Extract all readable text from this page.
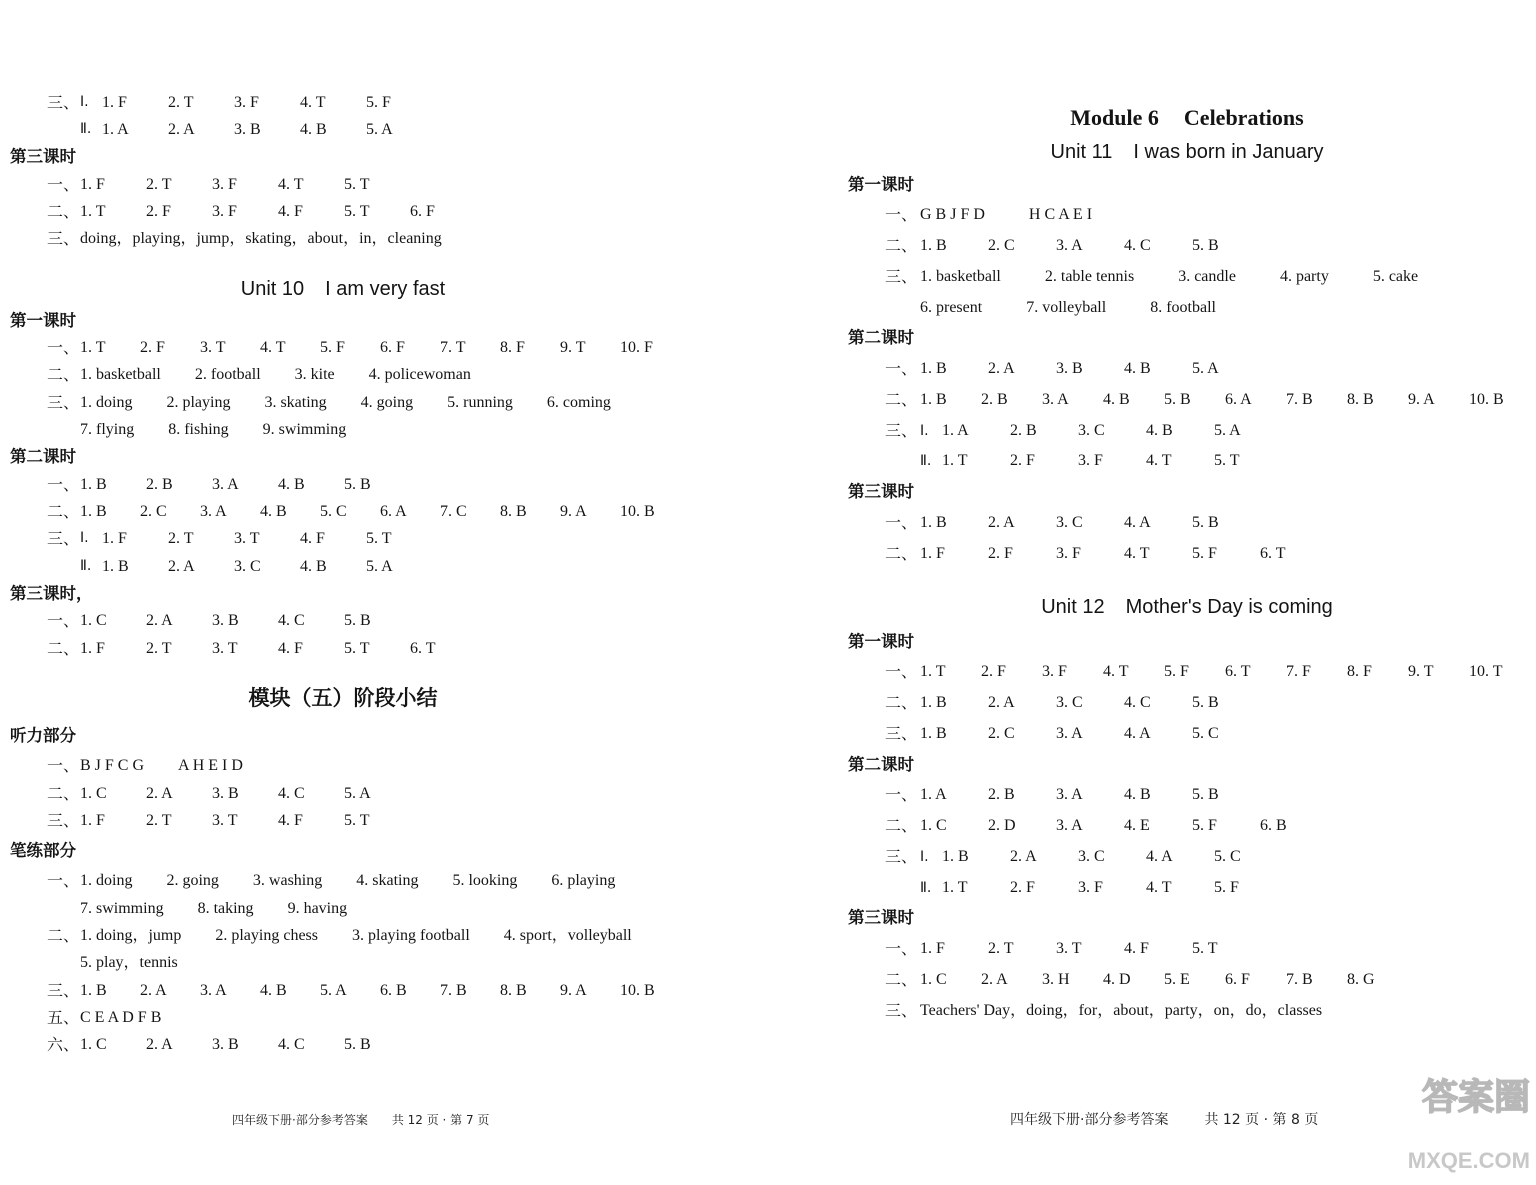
三、 Ⅰ. 1. F	2. T	3. F	4. T	5. F
Ⅱ. 1. A	2. A	3. B	4. B	5. A
第三课时
一、 1. F	2. T	3. F	4. T	5. T
二、 1. T	2. F	3. F	4. F	5. T	6. F
三、 doing，playing，jump，skating，about，in，cleaning
Unit 10 I am very fast
第一课时
一、 1. T	2. F	3. T	4. T	5. F	6. F	7. T	8. F	9. T	10. F
二、 1. basketball 2. football 3. kite 4. policewoman
三、 1. doing 2. playing 3. skating 4. going 5. running 6. coming
7. flying 8. fishing 9. swimming
第二课时
一、 1. B	2. B	3. A	4. B	5. B
二、 1. B	2. C	3. A	4. B	5. C	6. A	7. C	8. B	9. A	10. B
三、 Ⅰ. 1. F	2. T	3. T	4. F	5. T
Ⅱ. 1. B	2. A	3. C	4. B	5. A
第三课时，
一、 1. C	2. A	3. B	4. C	5. B
二、 1. F	2. T	3. T	4. F	5. T	6. T
模块（五）阶段小结
听力部分
一、 B J F C G A H E I D
二、 1. C	2. A	3. B	4. C	5. A
三、 1. F	2. T	3. T	4. F	5. T
笔练部分
一、 1. doing 2. going 3. washing 4. skating 5. looking 6. playing
7. swimming 8. taking 9. having
二、 1. doing，jump 2. playing chess 3. playing football 4. sport，volleyball
5. play，tennis
三、 1. B	2. A	3. A	4. B	5. A	6. B	7. B	8. B	9. A	10. B
五、 C E A D F B
六、 1. C	2. A	3. B	4. C	5. B
Module 6 Celebrations
Unit 11 I was born in January
第一课时
一、 G B J F D	H C A E I
二、 1. B	2. C	3. A	4. C	5. B
三、 1. basketball	2. table tennis	3. candle	4. party	5. cake
6. present	7. volleyball	8. football
第二课时
一、 1. B	2. A	3. B	4. B	5. A
二、 1. B	2. B	3. A	4. B	5. B	6. A	7. B	8. B	9. A	10. B
三、 Ⅰ. 1. A	2. B	3. C	4. B	5. A
Ⅱ. 1. T	2. F	3. F	4. T	5. T
第三课时
一、 1. B	2. A	3. C	4. A	5. B
二、 1. F	2. F	3. F	4. T	5. F	6. T
Unit 12 Mother's Day is coming
第一课时
一、 1. T	2. F	3. F	4. T	5. F	6. T	7. F	8. F	9. T	10. T
二、 1. B	2. A	3. C	4. C	5. B
三、 1. B	2. C	3. A	4. A	5. C
第二课时
一、 1. A	2. B	3. A	4. B	5. B
二、 1. C	2. D	3. A	4. E	5. F	6. B
三、 Ⅰ. 1. B	2. A	3. C	4. A	5. C
Ⅱ. 1. T	2. F	3. F	4. T	5. F
第三课时
一、 1. F	2. T	3. T	4. F	5. T
二、 1. C	2. A	3. H	4. D	5. E	6. F	7. B	8. G
三、 Teachers' Day，doing，for，about，party，on，do，classes
四年级下册·部分参考答案 共 12 页 · 第 7 页	四年级下册·部分参考答案	共 12 页 · 第 8 页
答案圈
MXQE.COM
